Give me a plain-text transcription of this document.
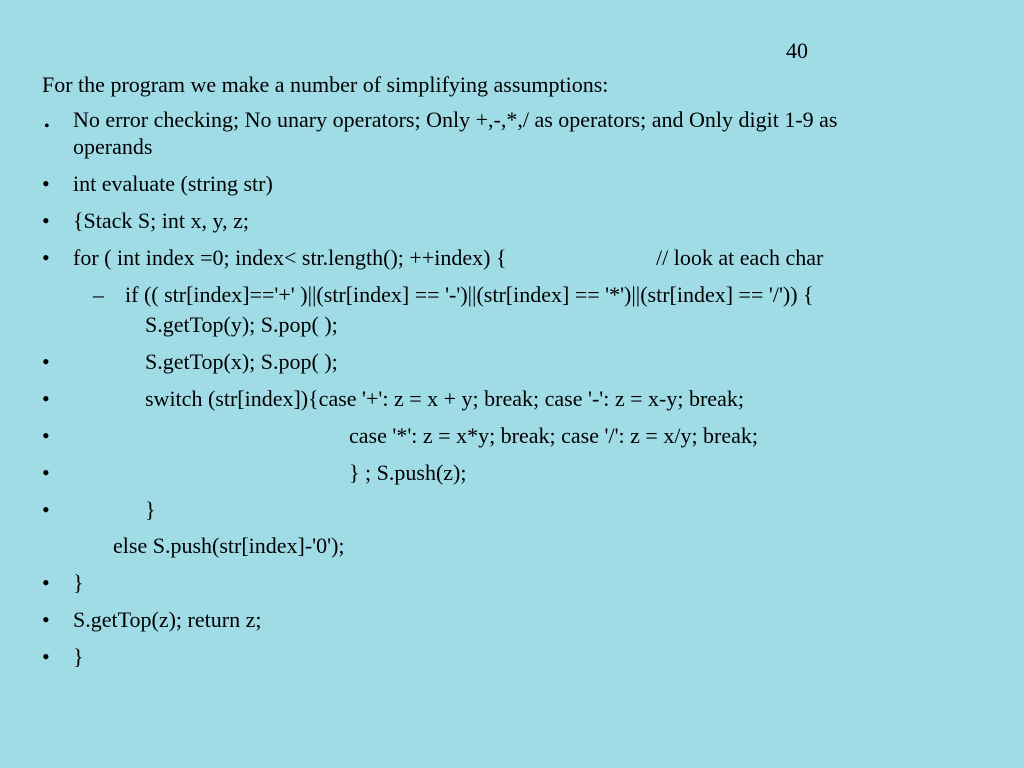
40
For the program we make a number of simplifying assumptions:
• No error checking; No unary operators; Only +,-,*,/ as operators; and Only digit 1-9 as
operands
• int evaluate (string str)
• {Stack S; int x, y, z;
• for ( int index =0; index< str.length(); ++index) {	// look at each char
– if (( str[index]=='+' )||(str[index] == '-')||(str[index] == '*')||(str[index] == '/')) {
S.getTop(y); S.pop( );
•	S.getTop(x); S.pop( );
•	switch (str[index]){case '+': z = x + y; break; case '-': z = x-y; break;
•	case '*': z = x*y; break; case '/': z = x/y; break;
•	} ; S.push(z);
•	}
else S.push(str[index]-'0');
• }
• S.getTop(z); return z;
• }
